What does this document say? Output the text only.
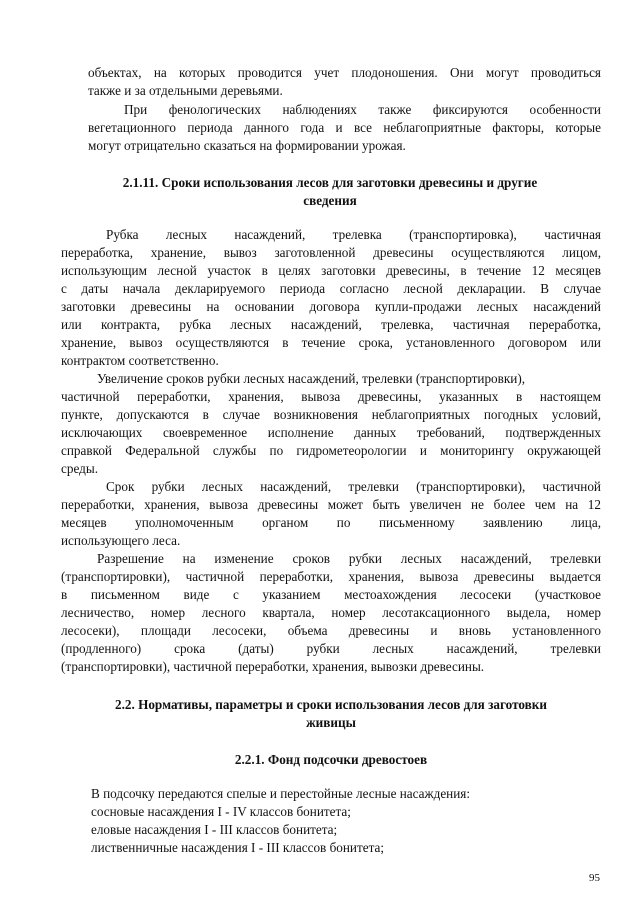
объектах, на которых проводится учет плодоношения. Они могут проводиться

также и за отдельными деревьями.

При фенологических наблюдениях также фиксируются особенности

вегетационного периода данного года и все неблагоприятные факторы, которые

могут отрицательно сказаться на формировании урожая.

2.1.11. Сроки использования лесов для заготовки древесины и другие

сведения

Рубка лесных насаждений, трелевка (транспортировка), частичная

переработка, хранение, вывоз заготовленной древесины осуществляются лицом,

использующим лесной участок в целях заготовки древесины, в течение 12 месяцев

с даты начала декларируемого периода согласно лесной декларации. В случае

заготовки древесины на основании договора купли-продажи лесных насаждений

или контракта, рубка лесных насаждений, трелевка, частичная переработка,

хранение, вывоз осуществляются в течение срока, установленного договором или

контрактом соответственно.

Увеличение сроков рубки лесных насаждений, трелевки (транспортировки),

частичной переработки, хранения, вывоза древесины, указанных в настоящем

пункте, допускаются в случае возникновения неблагоприятных погодных условий,

исключающих своевременное исполнение данных требований, подтвержденных

справкой Федеральной службы по гидрометеорологии и мониторингу окружающей

среды.

Срок рубки лесных насаждений, трелевки (транспортировки), частичной

переработки, хранения, вывоза древесины может быть увеличен не более чем на 12

месяцев уполномоченным органом по письменному заявлению лица,

использующего леса.

Разрешение на изменение сроков рубки лесных насаждений, трелевки

(транспортировки), частичной переработки, хранения, вывоза древесины выдается

в письменном виде с указанием местоахождения лесосеки (участковое

лесничество, номер лесного квартала, номер лесотаксационного выдела, номер

лесосеки), площади лесосеки, объема древесины и вновь установленного

(продленного) срока (даты) рубки лесных насаждений, трелевки

(транспортировки), частичной переработки, хранения, вывозки древесины.

2.2. Нормативы, параметры и сроки использования лесов для заготовки

живицы

2.2.1. Фонд подсочки древостоев

В подсочку передаются спелые и перестойные лесные насаждения:

сосновые насаждения I - IV классов бонитета;

еловые насаждения I - III классов бонитета;

лиственничные насаждения I - III классов бонитета;

95
